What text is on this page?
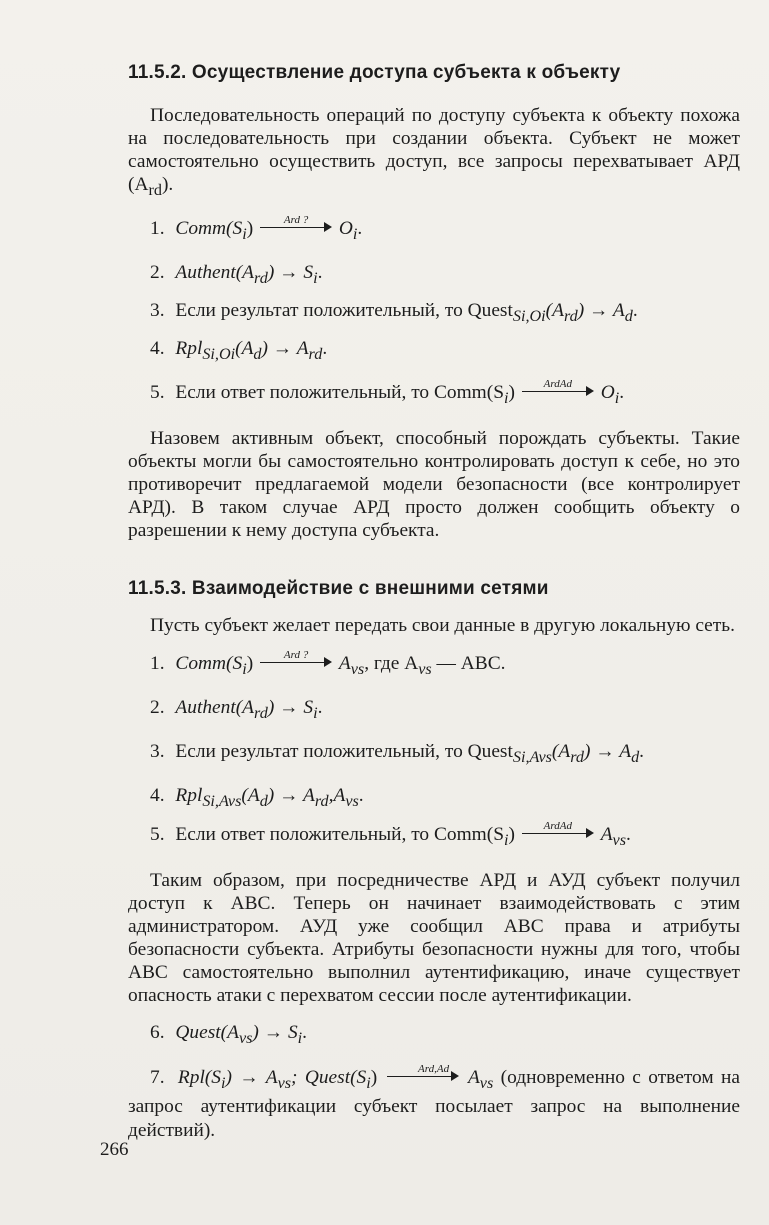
11.5.2. Осуществление доступа субъекта к объекту

Последовательность операций по доступу субъекта к объекту похожа на последовательность при создании объекта. Субъект не может самостоятельно осуществить доступ, все запросы перехватывает АРД $(A_{rd})$.

1. $Comm(S_i)$	Ard ?	$O_i$.
2. $Authent(A_{rd}) \to S_i$.
3. Если результат положительный, то $Quest_{Si,Oi}(A_{rd}) \to A_d$.
4. $Rpl_{Si,Oi}(A_d) \to A_{rd}$.
5. Если ответ положительный, то $Comm(S_i)$	ArdAd	$O_i$.

Назовем активным объект, способный порождать субъекты. Такие объекты могли бы самостоятельно контролировать доступ к себе, но это противоречит предлагаемой модели безопасности (все контролирует АРД). В таком случае АРД просто должен сообщить объекту о разрешении к нему доступа субъекта.

11.5.3. Взаимодействие с внешними сетями

Пусть субъект желает передать свои данные в другую локальную сеть.

1. $Comm(S_i)$	Ard ?	$A_{vs}$, где $A_{vs}$ — АВС.
2. $Authent(A_{rd}) \to S_i$.
3. Если результат положительный, то $Quest_{Si,Avs}(A_{rd}) \to A_d$.
4. $Rpl_{Si,Avs}(A_d) \to A_{rd},A_{vs}$.
5. Если ответ положительный, то $Comm(S_i)$	ArdAd	$A_{vs}$.

Таким образом, при посредничестве АРД и АУД субъект получил доступ к АВС. Теперь он начинает взаимодействовать с этим администратором. АУД уже сообщил АВС права и атрибуты безопасности субъекта. Атрибуты безопасности нужны для того, чтобы АВС самостоятельно выполнил аутентификацию, иначе существует опасность атаки с перехватом сессии после аутентификации.

6. $Quest(A_{vs}) \to S_i$.
7. $Rpl(S_i) \to A_{vs}$; $Quest(S_i)$	Ard,Ad $A_{vs}$ (одновременно с ответом на запрос аутентификации субъект посылает запрос на выполнение действий).
266
